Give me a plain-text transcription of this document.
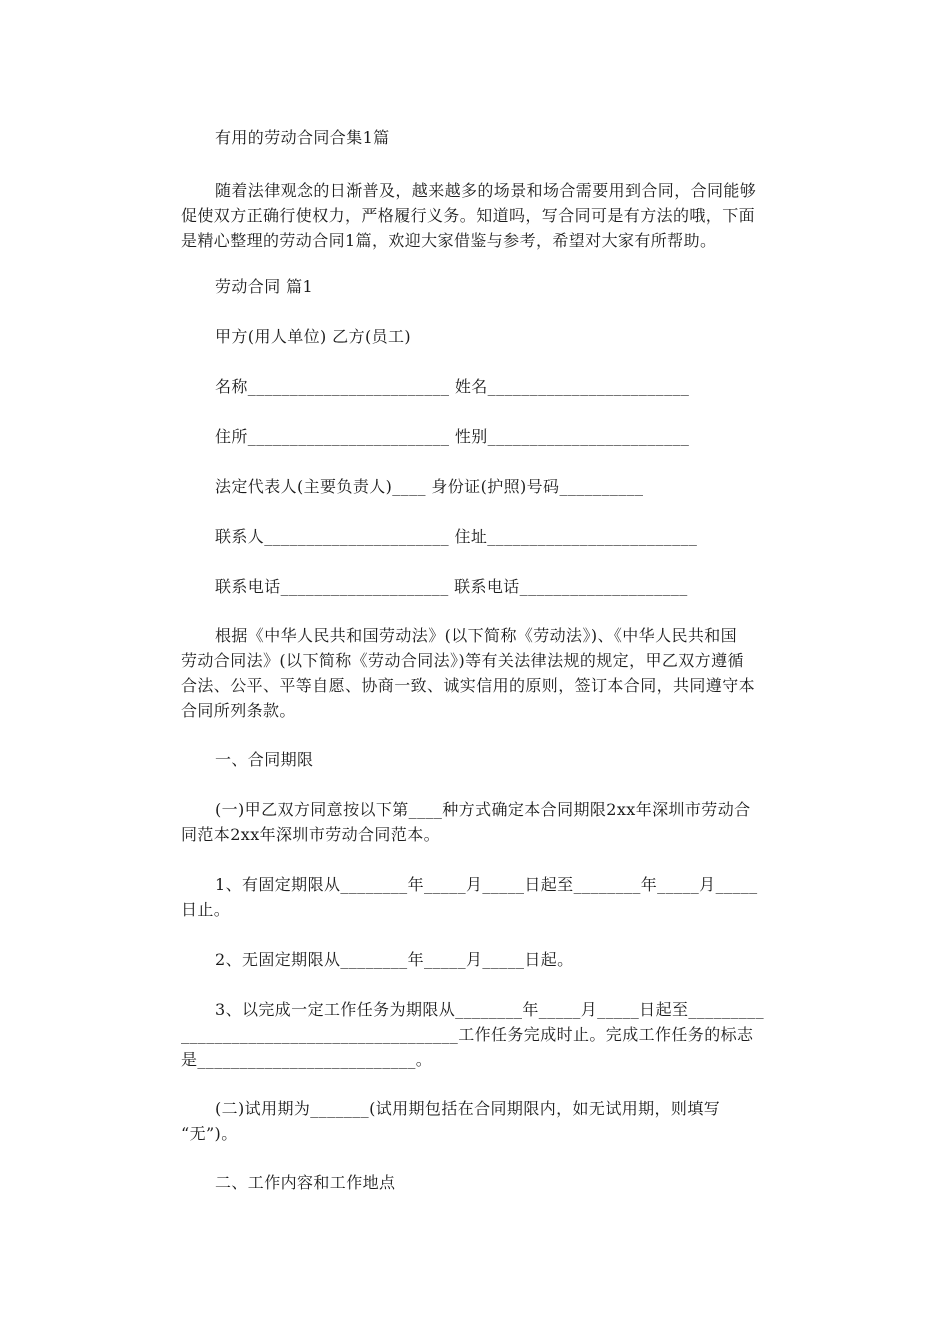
有用的劳动合同合集1篇
随着法律观念的日渐普及，越来越多的场景和场合需要用到合同，合同能够
促使双方正确行使权力，严格履行义务。知道吗，写合同可是有方法的哦，下面
是精心整理的劳动合同1篇，欢迎大家借鉴与参考，希望对大家有所帮助。
劳动合同 篇1
甲方(用人单位) 乙方(员工)
名称________________________ 姓名________________________
住所________________________ 性别________________________
法定代表人(主要负责人)____ 身份证(护照)号码__________
联系人______________________ 住址_________________________
联系电话____________________ 联系电话____________________
根据《中华人民共和国劳动法》(以下简称《劳动法》)、《中华人民共和国
劳动合同法》(以下简称《劳动合同法》)等有关法律法规的规定，甲乙双方遵循
合法、公平、平等自愿、协商一致、诚实信用的原则，签订本合同，共同遵守本
合同所列条款。
一、合同期限
(一)甲乙双方同意按以下第____种方式确定本合同期限2xx年深圳市劳动合
同范本2xx年深圳市劳动合同范本。
1、有固定期限从________年_____月_____日起至________年_____月_____
日止。
2、无固定期限从________年_____月_____日起。
3、以完成一定工作任务为期限从________年_____月_____日起至_________
_________________________________工作任务完成时止。完成工作任务的标志
是__________________________。
(二)试用期为_______(试用期包括在合同期限内，如无试用期，则填写
“无”)。
二、工作内容和工作地点
